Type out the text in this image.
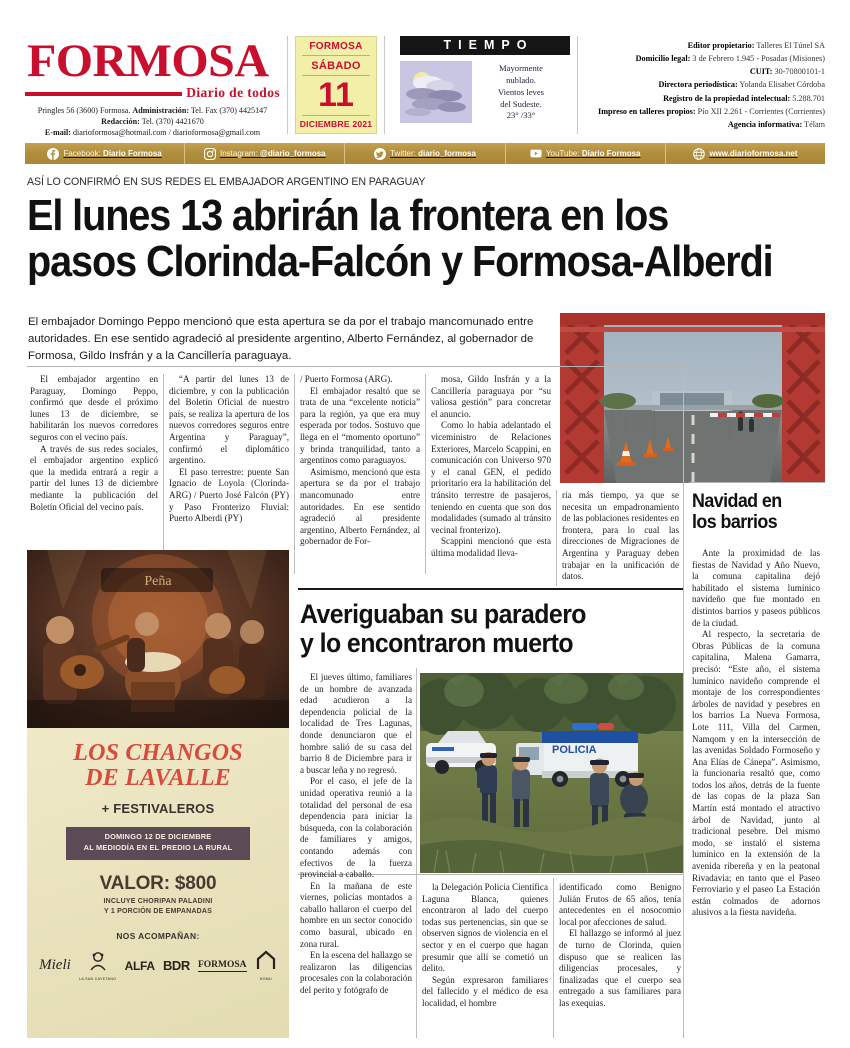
FORMOSA
Diario de todos
Pringles 56 (3600) Formosa. Administración: Tel. Fax (370) 4425147
Redacción: Tel. (370) 4421670
E-mail: diarioformosa@hotmail.com / diarioformosa@gmail.com
FORMOSA
SÁBADO
11
DICIEMBRE 2021
TIEMPO
Mayormente
nublado.
Vientos leves
del Sudeste.
23° /33°
Editor propietario: Talleres El Túnel SA
Domicilio legal: 3 de Febrero 1.945 - Posadas (Misiones)
CUIT: 30-70800101-1
Directora periodística: Yolanda Elisabet Córdoba
Registro de la propiedad intelectual: 5.288.701
Impreso en talleres propios: Pío XII 2.261 - Corrientes (Corrientes)
Agencia informativa: Télam
Facebook: Diario Formosa	Instagram: @diario_formosa	Twitter: diario_formosa	YouTube: Diario Formosa	www.diarioformosa.net
ASÍ LO CONFIRMÓ EN SUS REDES EL EMBAJADOR ARGENTINO EN PARAGUAY
El lunes 13 abrirán la frontera en los
pasos Clorinda-Falcón y Formosa-Alberdi
El embajador Domingo Peppo mencionó que esta apertura se da por el trabajo mancomunado entre autoridades. En ese sentido agradeció al presidente argentino, Alberto Fernández, al gobernador de Formosa, Gildo Insfrán y a la Cancillería paraguaya.

El embajador argentino en Paraguay, Domingo Peppo, confirmó que desde el próximo lunes 13 de diciembre, se habilitarán los nuevos corredores seguros con el vecino país.

A través de sus redes sociales, el embajador argentino explicó que la medida entrará a regir a partir del lunes 13 de diciembre mediante la publicación del Boletín Oficial del vecino país.

“A partir del lunes 13 de diciembre, y con la publicación del Boletín Oficial de nuestro país, se realiza la apertura de los nuevos corredores seguros entre Argentina y Paraguay”, confirmó el diplomático argentino.

El paso terrestre: puente San Ignacio de Loyola (Clorinda-ARG) / Puerto José Falcón (PY) y Paso Fronterizo Fluvial: Puerto Alberdi (PY)

/ Puerto Formosa (ARG).

El embajador resaltó que se trata de una “excelente noticia” para la región, ya que era muy esperada por todos. Sostuvo que llega en el “momento oportuno” y brinda tranquilidad, tanto a argentinos como paraguayos.

Asimismo, mencionó que esta apertura se da por el trabajo mancomunado entre autoridades. En ese sentido agradeció al presidente argentino, Alberto Fernández, al gobernador de For-

mosa, Gildo Insfrán y a la Cancillería paraguaya por “su valiosa gestión” para concretar el anuncio.

Como lo había adelantado el viceministro de Relaciones Exteriores, Marcelo Scappini, en comunicación con Universo 970 y el canal GEN, el pedido prioritario era la habilitación del tránsito terrestre de pasajeros, teniendo en cuenta que son dos modalidades (sumado al tránsito vecinal fronterizo).

Scappini mencionó que esta última modalidad lleva-

ría más tiempo, ya que se necesita un empadronamiento de las poblaciones residentes en frontera, para lo cual las direcciones de Migraciones de Argentina y Paraguay deben trabajar en la unificación de datos.

Averiguaban su paradero
y lo encontraron muerto

El jueves último, familiares de un hombre de avanzada edad acudieron a la dependencia policial de la localidad de Tres Lagunas, donde denunciaron que el hombre salió de su casa del barrio 8 de Diciembre para ir a buscar leña y no regresó.

Por el caso, el jefe de la unidad operativa reunió a la totalidad del personal de esa dependencia para iniciar la búsqueda, con la colaboración de familiares y amigos, contando además con efectivos de la fuerza provincial a caballo.

En la mañana de este viernes, policías montados a caballo hallaron el cuerpo del hombre en un sector conocido como basural, ubicado en zona rural.

En la escena del hallazgo se realizaron las diligencias procesales con la colaboración del perito y fotógrafo de

POLICIA

la Delegación Policía Científica Laguna Blanca, quienes encontraron al lado del cuerpo todas sus pertenencias, sin que se observen signos de violencia en el sector y en el cuerpo que hagan presumir que allí se cometió un delito.

Según expresaron familiares del fallecido y el médico de esa localidad, el hombre

identificado como Benigno Julián Frutos de 65 años, tenía antecedentes en el nosocomio local por afecciones de salud.

El hallazgo se informó al juez de turno de Clorinda, quien dispuso que se realicen las diligencias procesales, y finalizadas que el cuerpo sea entregado a sus familiares para las exequias.

Navidad en
los barrios

Ante la proximidad de las fiestas de Navidad y Año Nuevo, la comuna capitalina dejó habilitado el sistema lumínico navideño que fue montado en distintos barrios y paseos públicos de la ciudad.

Al respecto, la secretaria de Obras Públicas de la comuna capitalina, Malena Gamarra, precisó: “Este año, el sistema lumínico navideño comprende el montaje de los correspondientes árboles de navidad y pesebres en los barrios La Nueva Formosa, Lote 111, Villa del Carmen, Namqom y en la intersección de las avenidas Soldado Formoseño y Ana Elías de Cánepa”. Asimismo, la funcionaria resaltó que, como todos los años, detrás de la fuente de las copas de la plaza San Martín está montado el atractivo árbol de Navidad, junto al tradicional pesebre. Del mismo modo, se instaló el sistema lumínico en la extensión de la avenida ribereña y en la peatonal Rivadavia; en tanto que el Paseo Ferroviario y el paseo La Estación están colmados de adornos alusivos a la fiesta navideña.

Peña
LOS CHANGOS
DE LAVALLE
+ FESTIVALEROS
DOMINGO 12 DE DICIEMBRE
AL MEDIODÍA EN EL PREDIO LA RURAL
VALOR: $800
INCLUYE CHORIPAN PALADINI
Y 1 PORCIÓN DE EMPANADAS
NOS ACOMPAÑAN:
Mieli
LA SAN CAYETANO
ALFA BDR FORMOSA
HOMU
